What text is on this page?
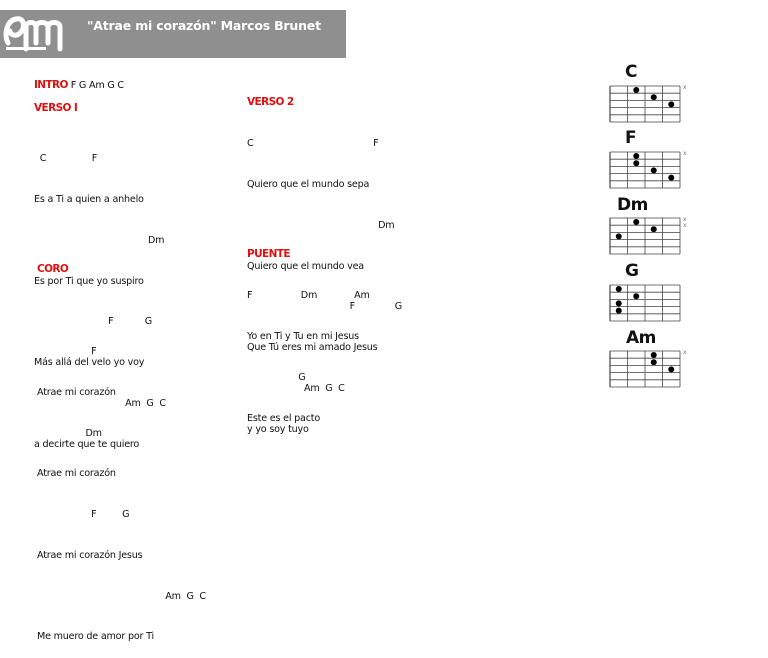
"Atrae mi corazón" Marcos Brunet
INTRO F G Am G C
VERSO I

C                F

Es a Ti a quien a anhelo

Dm

Es por Ti que yo suspiro

F           G

Más allá del velo yo voy

Am  G  C

a decirte que te quiero

CORO

F

Atrae mi corazón

Dm

Atrae mi corazón

F         G

Atrae mi corazón Jesus

Am  G  C

Me muero de amor por Ti

VERSO 2

C                                          F

Quiero que el mundo sepa

Dm

Quiero que el mundo vea

F              G

Que Tú eres mi amado Jesus

Am  G  C

y yo soy tuyo

PUENTE

F                 Dm             Am

Yo en Ti y Tu en mi Jesus

G

Este es el pacto

C
x
F
x
Dm
x
x
G
Am
x
